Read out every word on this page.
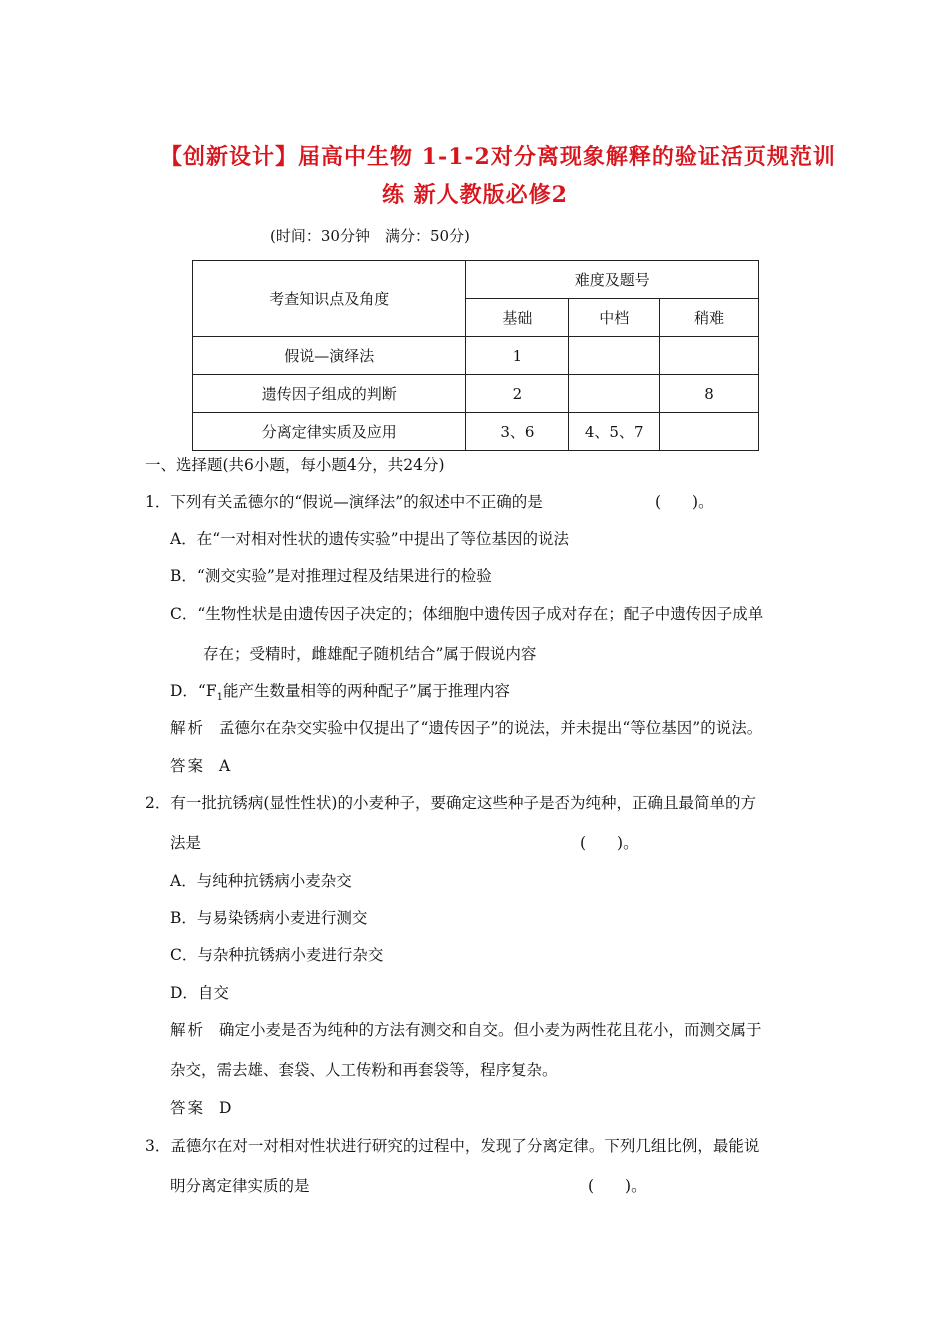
【创新设计】届高中生物 1-1-2对分离现象解释的验证活页规范训
练 新人教版必修2
(时间：30分钟　满分：50分)
考查知识点及角度	难度及题号		
	基础	中档	稍难
假说—演绎法	1		
遗传因子组成的判断	2		8
分离定律实质及应用	3、6	4、5、7	
一、选择题(共6小题，每小题4分，共24分)
1．下列有关孟德尔的“假说—演绎法”的叙述中不正确的是	(　　)。
A．在“一对相对性状的遗传实验”中提出了等位基因的说法
B．“测交实验”是对推理过程及结果进行的检验
C．“生物性状是由遗传因子决定的；体细胞中遗传因子成对存在；配子中遗传因子成单
存在；受精时，雌雄配子随机结合”属于假说内容
D．“$F_1$能产生数量相等的两种配子”属于推理内容
解析 孟德尔在杂交实验中仅提出了“遗传因子”的说法，并未提出“等位基因”的说法。
答案 A
2．有一批抗锈病(显性性状)的小麦种子，要确定这些种子是否为纯种，正确且最简单的方
法是	(　　)。
A．与纯种抗锈病小麦杂交
B．与易染锈病小麦进行测交
C．与杂种抗锈病小麦进行杂交
D．自交
解析 确定小麦是否为纯种的方法有测交和自交。但小麦为两性花且花小，而测交属于
杂交，需去雄、套袋、人工传粉和再套袋等，程序复杂。
答案 D
3．孟德尔在对一对相对性状进行研究的过程中，发现了分离定律。下列几组比例，最能说
明分离定律实质的是	(　　)。
